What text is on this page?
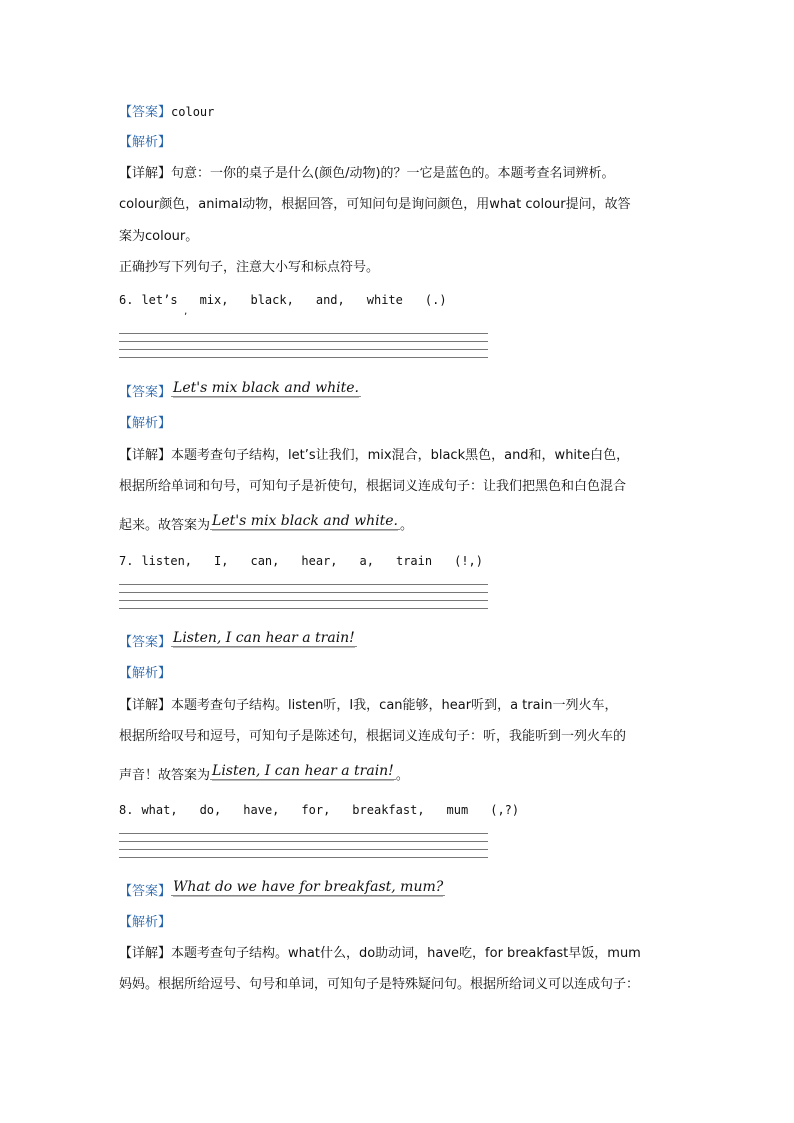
【答案】colour
【解析】
【详解】句意：一你的桌子是什么(颜色/动物)的？一它是蓝色的。本题考查名词辨析。
colour颜色，animal动物，根据回答，可知问句是询问颜色，用what colour提问，故答
案为colour。
正确抄写下列句子，注意大小写和标点符号。
6. let’s mix, black, and, white (.)
‚
【答案】 Let's mix black and white.
【解析】
【详解】本题考查句子结构，let’s让我们，mix混合，black黑色，and和，white白色，
根据所给单词和句号，可知句子是祈使句，根据词义连成句子：让我们把黑色和白色混合
起来。故答案为 Let's mix black and white. 。
7. listen, I, can, hear, a, train (!,)
【答案】 Listen, I can hear a train!
【解析】
【详解】本题考查句子结构。listen听，I我，can能够，hear听到，a train一列火车，
根据所给叹号和逗号，可知句子是陈述句，根据词义连成句子：听，我能听到一列火车的
声音！故答案为 Listen, I can hear a train! 。
8. what, do, have, for, breakfast, mum (,?)
【答案】 What do we have for breakfast, mum?
【解析】
【详解】本题考查句子结构。what什么，do助动词，have吃，for breakfast早饭，mum
妈妈。根据所给逗号、句号和单词，可知句子是特殊疑问句。根据所给词义可以连成句子：
